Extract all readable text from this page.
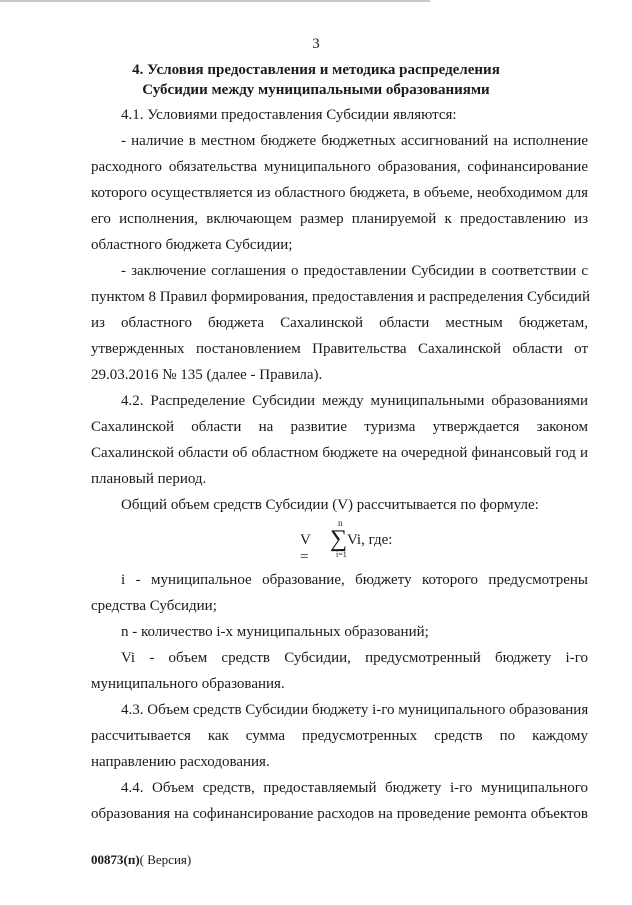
3
4. Условия предоставления и методика распределения
Субсидии между муниципальными образованиями
4.1. Условиями предоставления Субсидии являются:
- наличие в местном бюджете бюджетных ассигнований на исполнение
расходного обязательства муниципального образования, софинансирование
которого осуществляется из областного бюджета, в объеме, необходимом для
его исполнения, включающем размер планируемой к предоставлению из
областного бюджета Субсидии;
- заключение соглашения о предоставлении Субсидии в соответствии с
пунктом 8 Правил формирования, предоставления и распределения Субсидий
из областного бюджета Сахалинской области местным бюджетам,
утвержденных постановлением Правительства Сахалинской области от
29.03.2016 № 135 (далее - Правила).
4.2. Распределение Субсидии между муниципальными образованиями
Сахалинской области на развитие туризма утверждается законом
Сахалинской области об областном бюджете на очередной финансовый год и
плановый период.
Общий объем средств Субсидии (V) рассчитывается по формуле:
V =
n
∑
i=1
Vi, где:
i - муниципальное образование, бюджету которого предусмотрены
средства Субсидии;
n - количество i-х муниципальных образований;
Vi - объем средств Субсидии, предусмотренный бюджету i-го
муниципального образования.
4.3. Объем средств Субсидии бюджету i-го муниципального образования
рассчитывается как сумма предусмотренных средств по каждому
направлению расходования.
4.4. Объем средств, предоставляемый бюджету i-го муниципального
образования на софинансирование расходов на проведение ремонта объектов
00873(п)( Версия)
